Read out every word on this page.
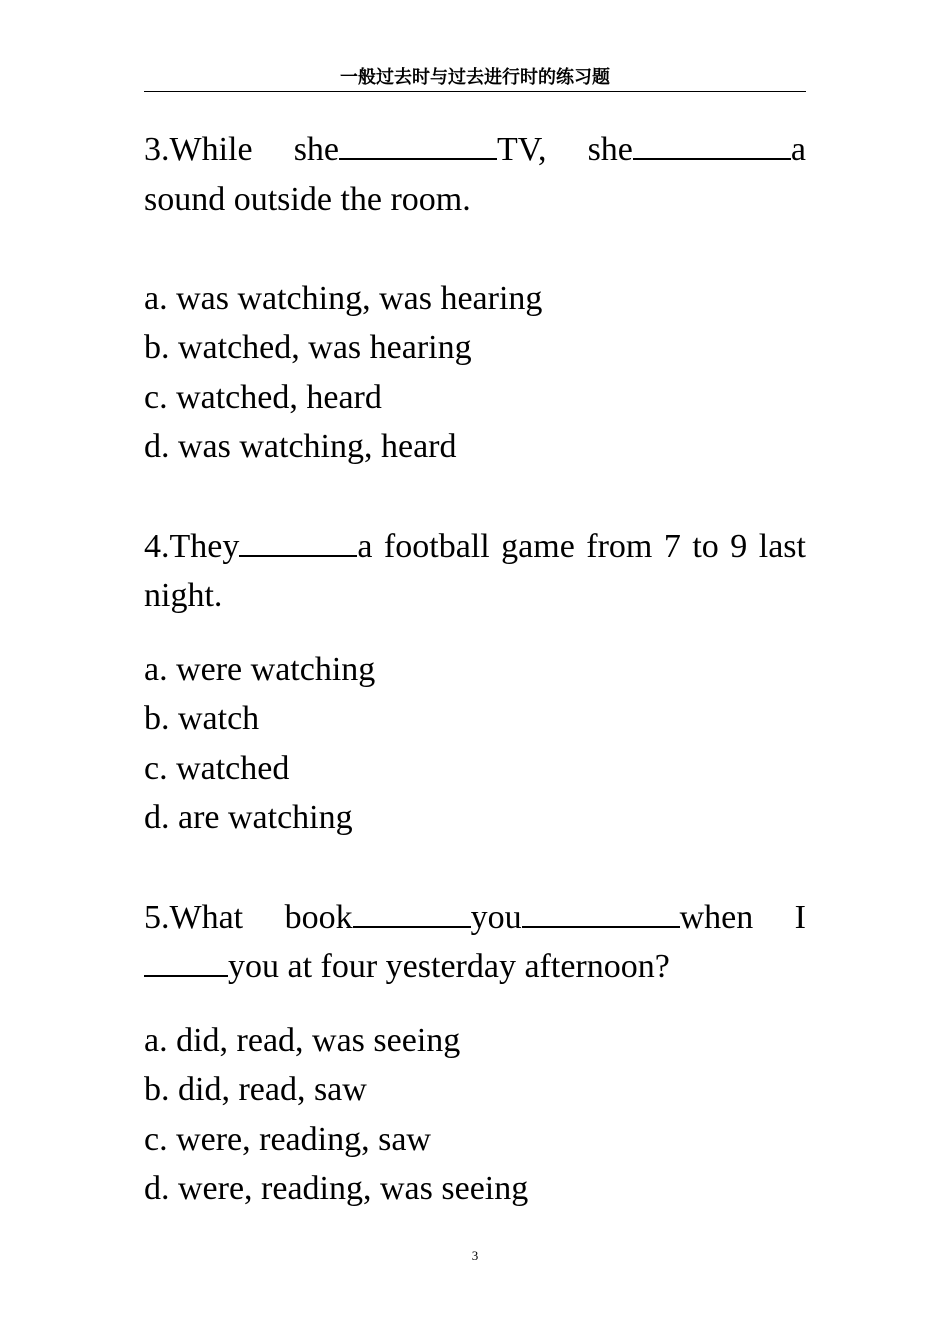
一般过去时与过去进行时的练习题

3.While she	TV, she	a sound outside the room.

a. was watching, was hearing

b. watched, was hearing

c. watched, heard

d. was watching, heard

4.They	a football game from 7 to 9 last night.

a. were watching

b. watch

c. watched

d. are watching

5.What book	you	when I you at four yesterday afternoon?

a. did, read, was seeing

b. did, read, saw

c. were, reading, saw

d. were, reading, was seeing

3
